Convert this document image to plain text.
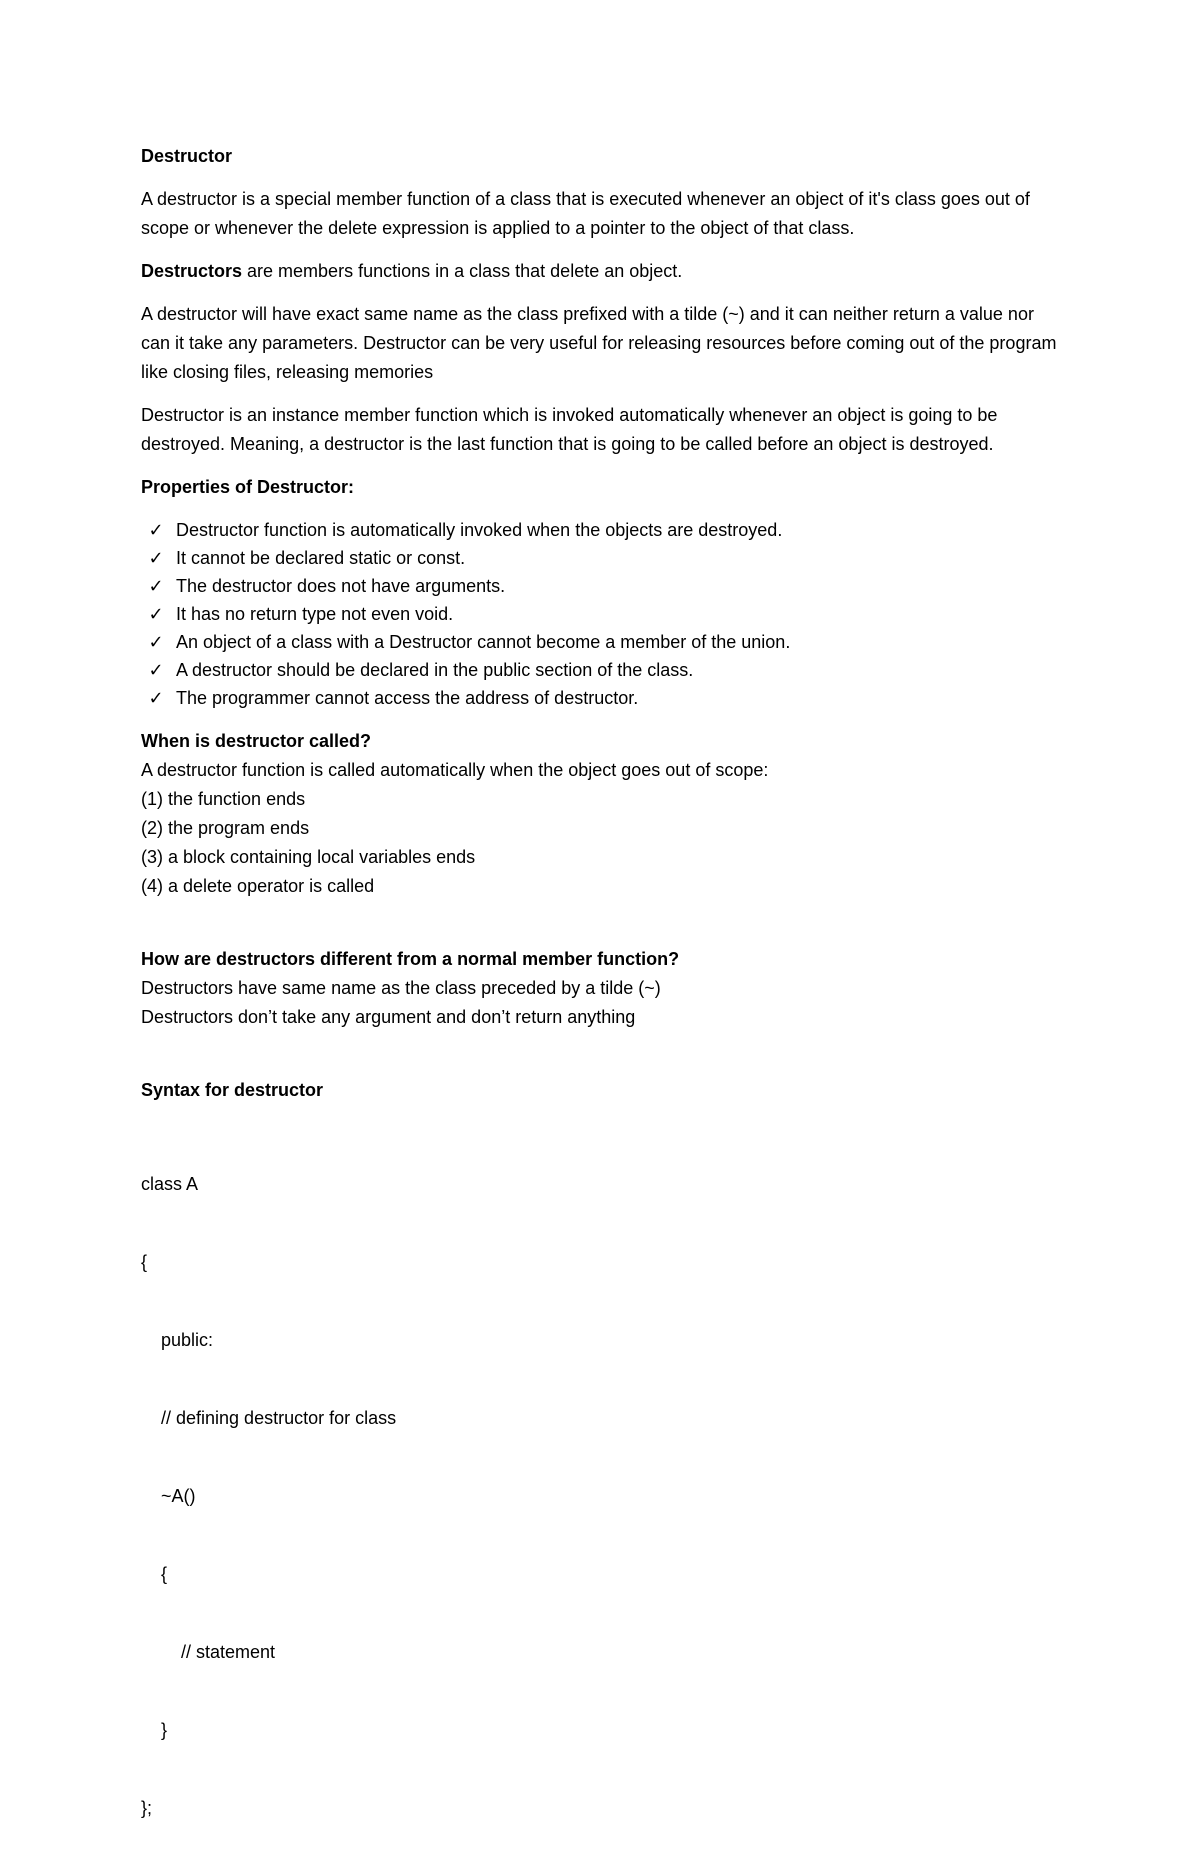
Destructor

A destructor is a special member function of a class that is executed whenever an object of it's class goes out of scope or whenever the delete expression is applied to a pointer to the object of that class.

Destructors are members functions in a class that delete an object.

A destructor will have exact same name as the class prefixed with a tilde (~) and it can neither return a value nor can it take any parameters. Destructor can be very useful for releasing resources before coming out of the program like closing files, releasing memories

Destructor is an instance member function which is invoked automatically whenever an object is going to be destroyed. Meaning, a destructor is the last function that is going to be called before an object is destroyed.

Properties of Destructor:
✓ Destructor function is automatically invoked when the objects are destroyed.
✓ It cannot be declared static or const.
✓ The destructor does not have arguments.
✓ It has no return type not even void.
✓ An object of a class with a Destructor cannot become a member of the union.
✓ A destructor should be declared in the public section of the class.
✓ The programmer cannot access the address of destructor.
When is destructor called?
A destructor function is called automatically when the object goes out of scope:
(1) the function ends
(2) the program ends
(3) a block containing local variables ends
(4) a delete operator is called
How are destructors different from a normal member function?
Destructors have same name as the class preceded by a tilde (~)
Destructors don’t take any argument and don’t return anything
Syntax for destructor

class A

{

public:

// defining destructor for class

~A()

{

// statement

}

};
